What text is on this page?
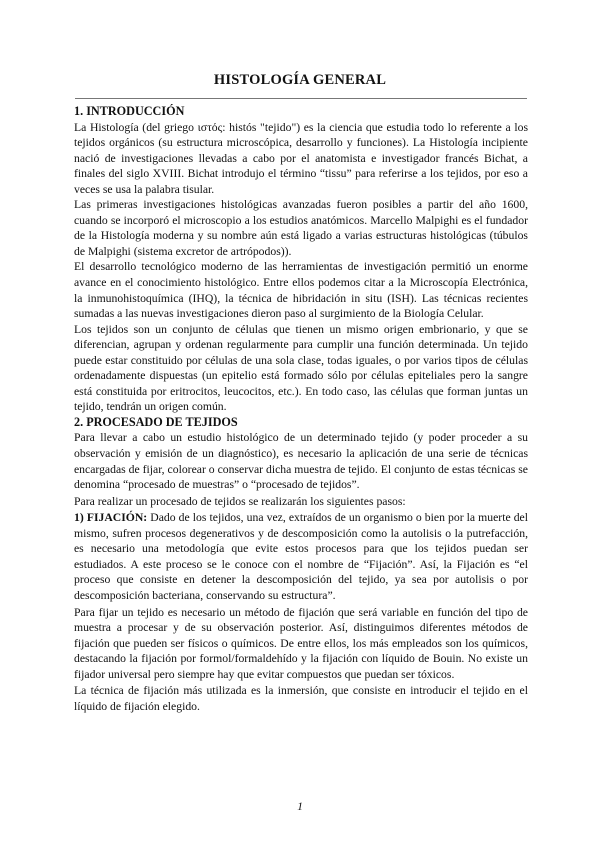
HISTOLOGÍA GENERAL
1. INTRODUCCIÓN

La Histología (del griego ιστός: histós "tejido") es la ciencia que estudia todo lo referente a los tejidos orgánicos (su estructura microscópica, desarrollo y funciones). La Histología incipiente nació de investigaciones llevadas a cabo por el anatomista e investigador francés Bichat, a finales del siglo XVIII. Bichat introdujo el término “tissu” para referirse a los tejidos, por eso a veces se usa la palabra tisular.

Las primeras investigaciones histológicas avanzadas fueron posibles a partir del año 1600, cuando se incorporó el microscopio a los estudios anatómicos. Marcello Malpighi es el fundador de la Histología moderna y su nombre aún está ligado a varias estructuras histológicas (túbulos de Malpighi (sistema excretor de artrópodos)).

El desarrollo tecnológico moderno de las herramientas de investigación permitió un enorme avance en el conocimiento histológico. Entre ellos podemos citar a la Microscopía Electrónica, la inmunohistoquímica (IHQ), la técnica de hibridación in situ (ISH). Las técnicas recientes sumadas a las nuevas investigaciones dieron paso al surgimiento de la Biología Celular.

Los tejidos son un conjunto de células que tienen un mismo origen embrionario, y que se diferencian, agrupan y ordenan regularmente para cumplir una función determinada. Un tejido puede estar constituido por células de una sola clase, todas iguales, o por varios tipos de células ordenadamente dispuestas (un epitelio está formado sólo por células epiteliales pero la sangre está constituida por eritrocitos, leucocitos, etc.). En todo caso, las células que forman juntas un tejido, tendrán un origen común.

2. PROCESADO DE TEJIDOS

Para llevar a cabo un estudio histológico de un determinado tejido (y poder proceder a su observación y emisión de un diagnóstico), es necesario la aplicación de una serie de técnicas encargadas de fijar, colorear o conservar dicha muestra de tejido. El conjunto de estas técnicas se denomina “procesado de muestras” o “procesado de tejidos”.

Para realizar un procesado de tejidos se realizarán los siguientes pasos:

1) FIJACIÓN: Dado de los tejidos, una vez, extraídos de un organismo o bien por la muerte del mismo, sufren procesos degenerativos y de descomposición como la autolisis o la putrefacción, es necesario una metodología que evite estos procesos para que los tejidos puedan ser estudiados. A este proceso se le conoce con el nombre de “Fijación”. Así, la Fijación es “el proceso que consiste en detener la descomposición del tejido, ya sea por autolisis o por descomposición bacteriana, conservando su estructura”.

Para fijar un tejido es necesario un método de fijación que será variable en función del tipo de muestra a procesar y de su observación posterior. Así, distinguimos diferentes métodos de fijación que pueden ser físicos o químicos. De entre ellos, los más empleados son los químicos, destacando la fijación por formol/formaldehído y la fijación con líquido de Bouin. No existe un fijador universal pero siempre hay que evitar compuestos que puedan ser tóxicos.

La técnica de fijación más utilizada es la inmersión, que consiste en introducir el tejido en el líquido de fijación elegido.

1
